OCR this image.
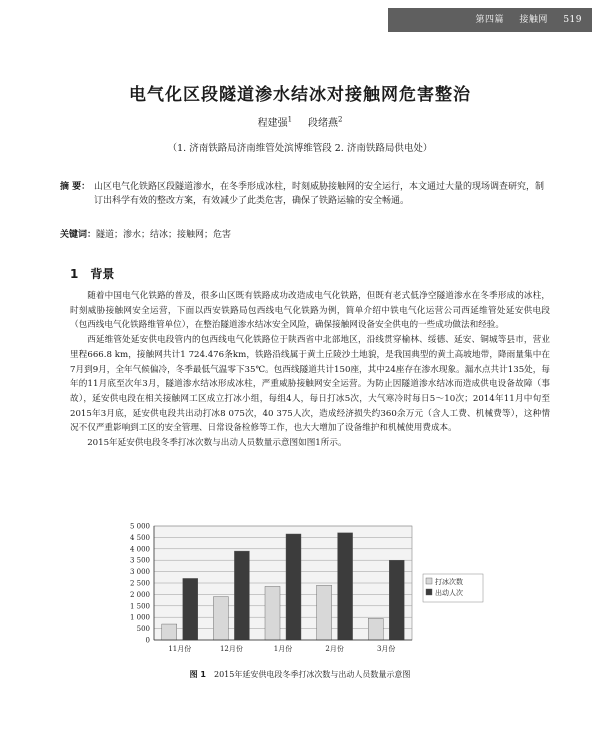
第四篇 接触网 519
电气化区段隧道渗水结冰对接触网危害整治
程建强$^1$ 段绪燕$^2$
（1. 济南铁路局济南维管处滨博维管段 2. 济南铁路局供电处）
摘 要： 山区电气化铁路区段隧道渗水，在冬季形成冰柱，时刻威胁接触网的安全运行，本文通过大量的现场调查研究，制订出科学有效的整改方案，有效减少了此类危害，确保了铁路运输的安全畅通。
关键词：隧道；渗水；结冰；接触网；危害
1 背景

随着中国电气化铁路的普及，很多山区既有铁路成功改造成电气化铁路，但既有老式低净空隧道渗水在冬季形成的冰柱，时刻威胁接触网安全运营，下面以西安铁路局包西线电气化铁路为例，简单介绍中铁电气化运营公司西延维管处延安供电段（包西线电气化铁路维管单位），在整治隧道渗水结冰安全风险，确保接触网设备安全供电的一些成功做法和经验。

西延维管处延安供电段管内的包西线电气化铁路位于陕西省中北部地区，沿线贯穿榆林、绥德、延安、铜城等县市，营业里程666.8 km，接触网共计1 724.476条km，铁路沿线属于黄土丘陵沙土地貌，是我国典型的黄土高坡地带，降雨量集中在7月到9月，全年气候偏冷，冬季最低气温零下35℃。包西线隧道共计150座，其中24座存在渗水现象。漏水点共计135处，每年的11月底至次年3月，隧道渗水结冰形成冰柱，严重威胁接触网安全运营。为防止因隧道渗水结冰而造成供电设备故障（事故），延安供电段在相关接触网工区成立打冰小组，每组4人，每日打冰5次，大气寒冷时每日5～10次；2014年11月中旬至2015年3月底，延安供电段共出动打冰8 075次，40 375人次，造成经济损失约360余万元（含人工费、机械费等），这种情况不仅严重影响到工区的安全管理、日常设备检修等工作，也大大增加了设备维护和机械使用费成本。

2015年延安供电段冬季打冰次数与出动人员数量示意图如图1所示。

5 000
4 500
4 000
3 500
3 000
2 500
2 000
1 500
1 000
500
0
11月份	12月份	1月份	2月份	3月份
打冰次数
出动人次
图 1 2015年延安供电段冬季打冰次数与出动人员数量示意图
